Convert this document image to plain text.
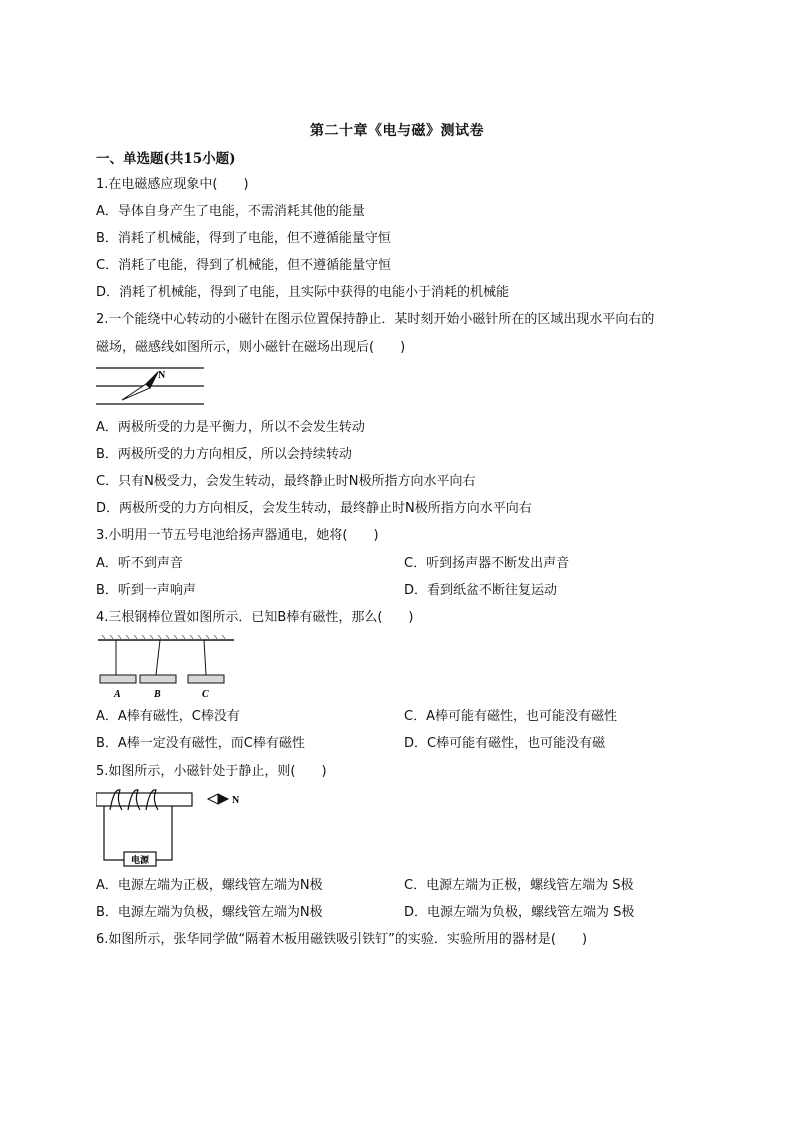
第二十章《电与磁》测试卷
一、单选题(共15小题)
1.在电磁感应现象中(　　)
A．导体自身产生了电能，不需消耗其他的能量
B．消耗了机械能，得到了电能，但不遵循能量守恒
C．消耗了电能，得到了机械能，但不遵循能量守恒
D．消耗了机械能，得到了电能，且实际中获得的电能小于消耗的机械能
2.一个能绕中心转动的小磁针在图示位置保持静止．某时刻开始小磁针所在的区域出现水平向右的
磁场，磁感线如图所示，则小磁针在磁场出现后(　　)
N
A．两极所受的力是平衡力，所以不会发生转动
B．两极所受的力方向相反，所以会持续转动
C．只有N极受力，会发生转动，最终静止时N极所指方向水平向右
D．两极所受的力方向相反，会发生转动，最终静止时N极所指方向水平向右
3.小明用一节五号电池给扬声器通电，她将(　　)
A．听不到声音	C．听到扬声器不断发出声音
B．听到一声响声	D．看到纸盆不断往复运动
4.三根钢棒位置如图所示．已知B棒有磁性，那么(　　)
A	B	C
A．A棒有磁性，C棒没有	C．A棒可能有磁性，也可能没有磁性
B．A棒一定没有磁性，而C棒有磁性	D．C棒可能有磁性，也可能没有磁
5.如图所示，小磁针处于静止，则(　　)
电源
N
A．电源左端为正极，螺线管左端为N极	C．电源左端为正极，螺线管左端为 S极
B．电源左端为负极，螺线管左端为N极	D．电源左端为负极，螺线管左端为 S极
6.如图所示，张华同学做“隔着木板用磁铁吸引铁钉”的实验．实验所用的器材是(　　)
